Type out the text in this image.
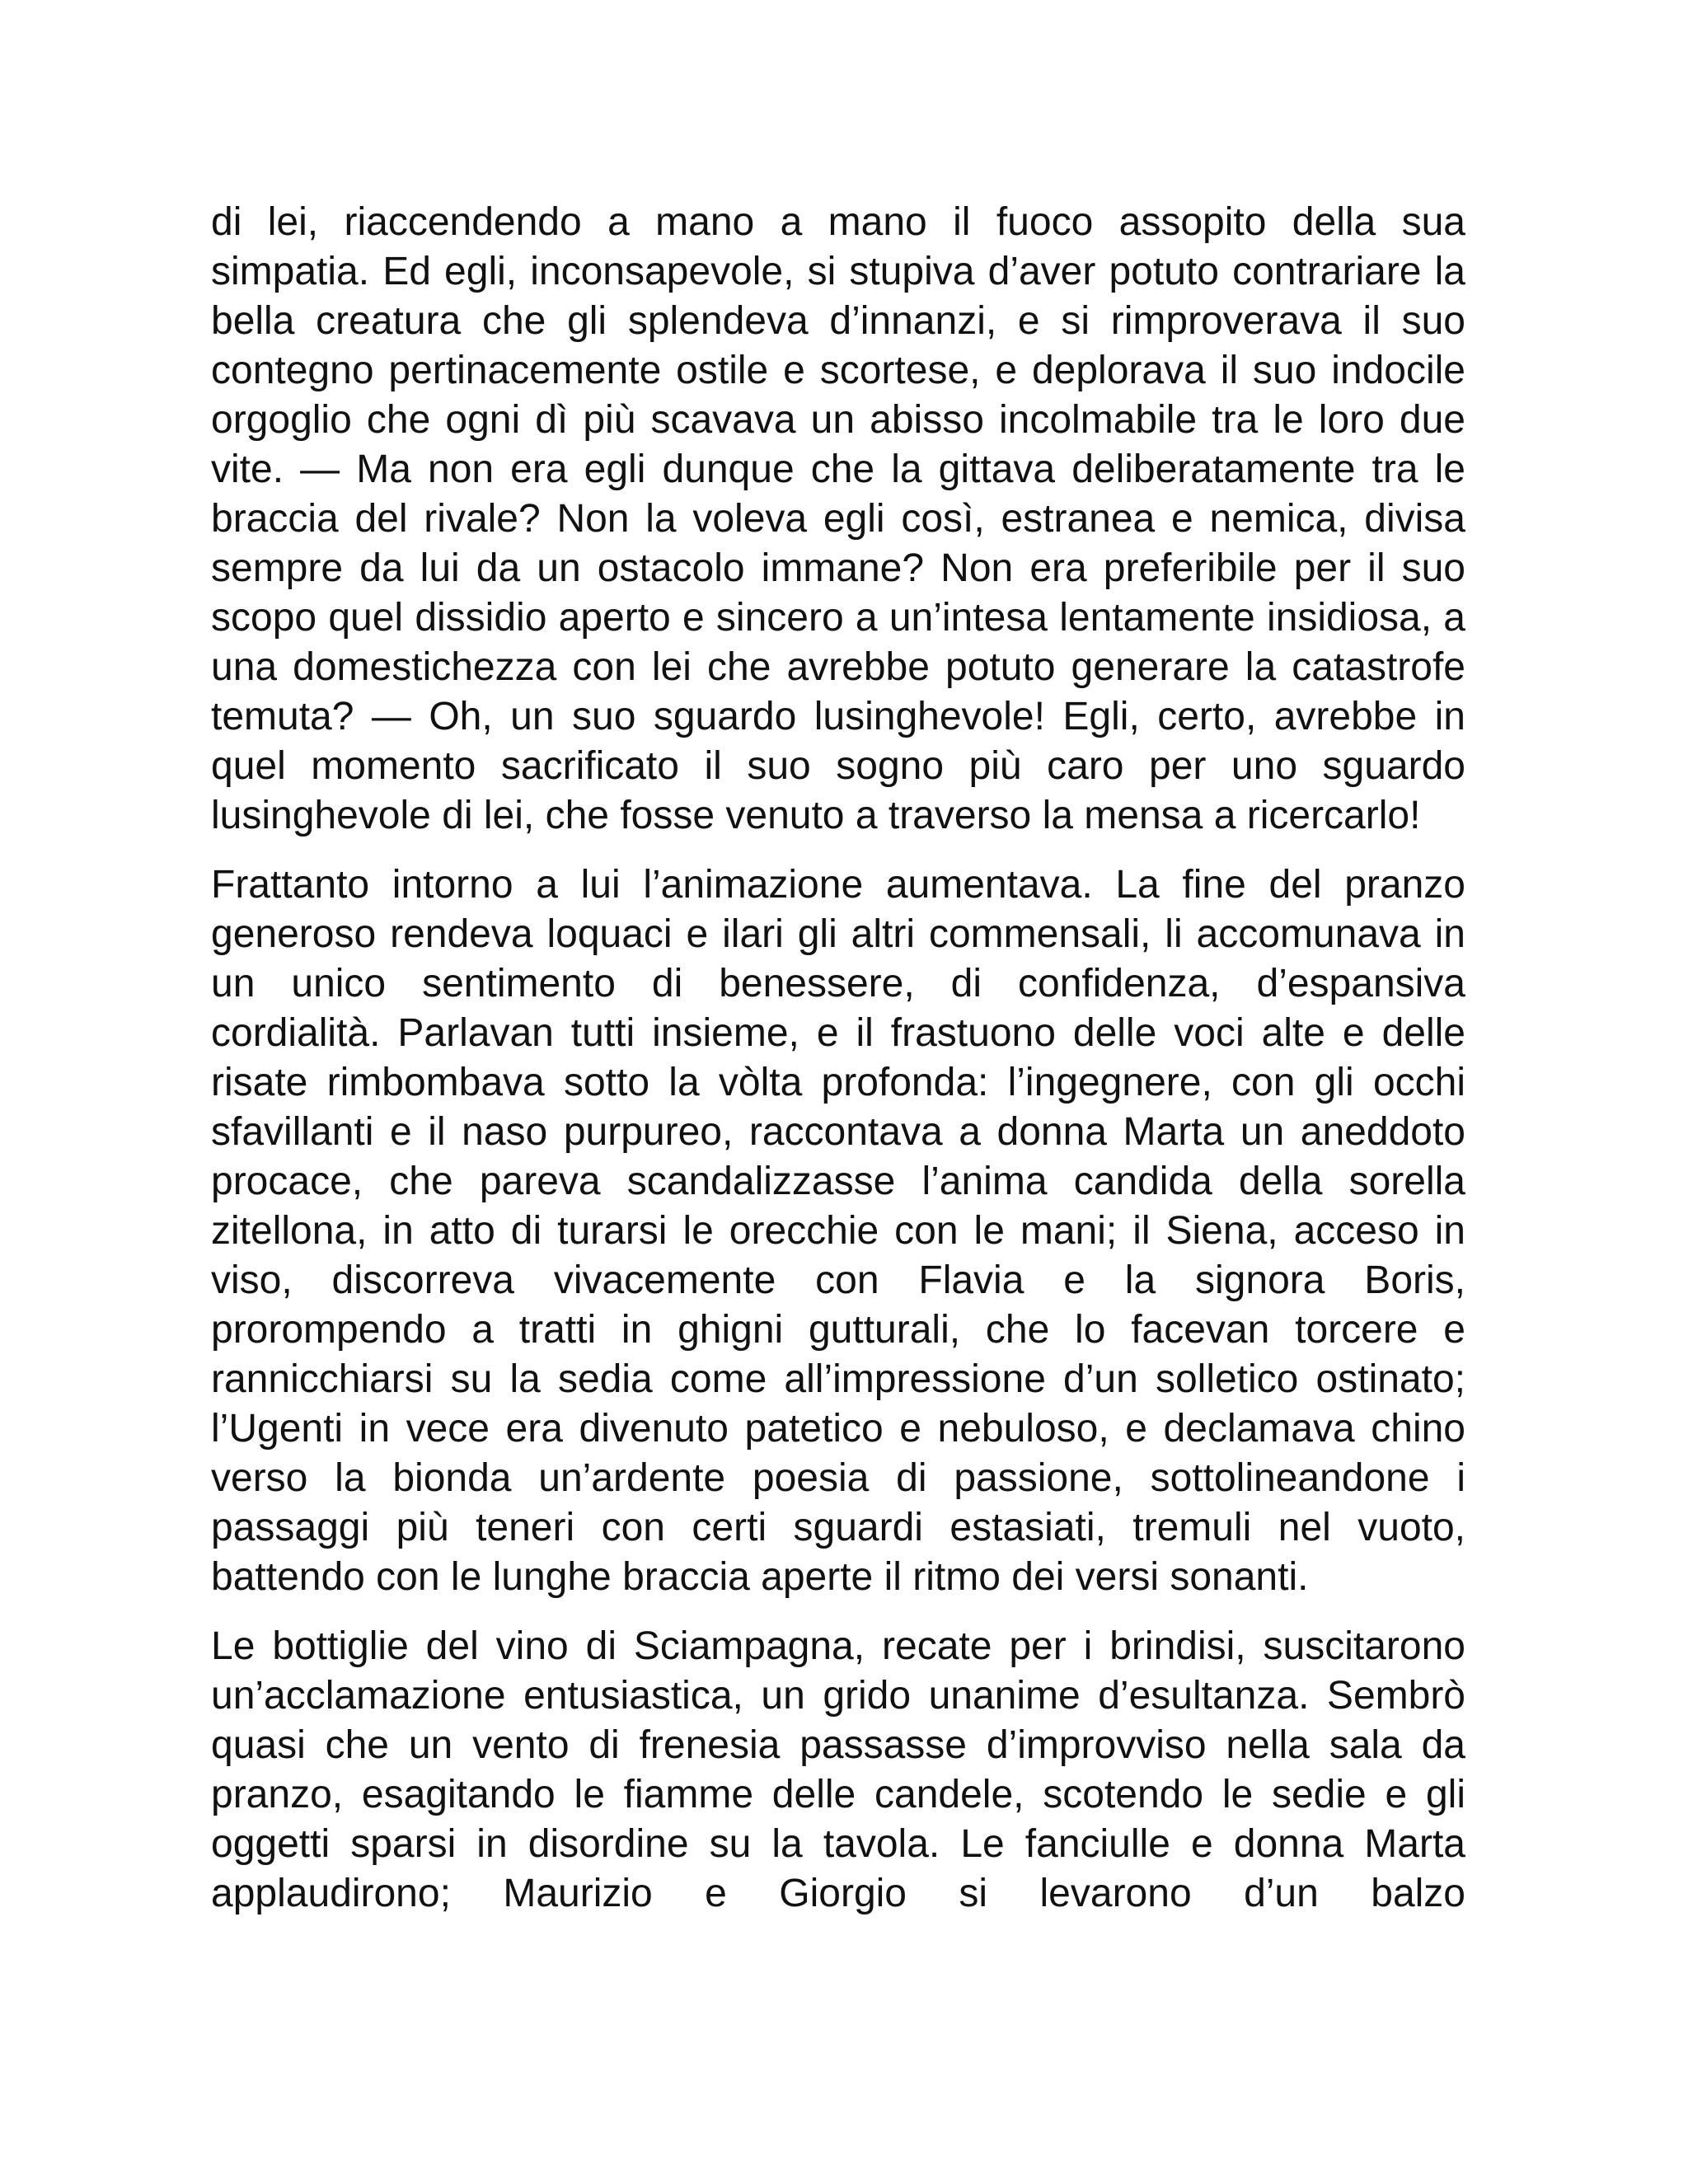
di lei, riaccendendo a mano a mano il fuoco assopito della sua simpatia. Ed egli, inconsapevole, si stupiva d’aver potuto contrariare la bella creatura che gli splendeva d’innanzi, e si rimproverava il suo contegno pertinacemente ostile e scortese, e deplorava il suo indocile orgoglio che ogni dì più scavava un abisso incolmabile tra le loro due vite. — Ma non era egli dunque che la gittava deliberatamente tra le braccia del rivale? Non la voleva egli così, estranea e nemica, divisa sempre da lui da un ostacolo immane? Non era preferibile per il suo scopo quel dissidio aperto e sincero a un’intesa lentamente insidiosa, a una domestichezza con lei che avrebbe potuto generare la catastrofe temuta? — Oh, un suo sguardo lusinghevole! Egli, certo, avrebbe in quel momento sacrificato il suo sogno più caro per uno sguardo lusinghevole di lei, che fosse venuto a traverso la mensa a ricercarlo!

Frattanto intorno a lui l’animazione aumentava. La fine del pranzo generoso rendeva loquaci e ilari gli altri commensali, li accomunava in un unico sentimento di benessere, di confidenza, d’espansiva cordialità. Parlavan tutti insieme, e il frastuono delle voci alte e delle risate rimbombava sotto la vòlta profonda: l’ingegnere, con gli occhi sfavillanti e il naso purpureo, raccontava a donna Marta un aneddoto procace, che pareva scandalizzasse l’anima candida della sorella zitellona, in atto di turarsi le orecchie con le mani; il Siena, acceso in viso, discorreva vivacemente con Flavia e la signora Boris, prorompendo a tratti in ghigni gutturali, che lo facevan torcere e rannicchiarsi su la sedia come all’impressione d’un solletico ostinato; l’Ugenti in vece era divenuto patetico e nebuloso, e declamava chino verso la bionda un’ardente poesia di passione, sottolineandone i passaggi più teneri con certi sguardi estasiati, tremuli nel vuoto, battendo con le lunghe braccia aperte il ritmo dei versi sonanti.

Le bottiglie del vino di Sciampagna, recate per i brindisi, suscitarono un’acclamazione entusiastica, un grido unanime d’esultanza. Sembrò quasi che un vento di frenesia passasse d’improvviso nella sala da pranzo, esagitando le fiamme delle candele, scotendo le sedie e gli oggetti sparsi in disordine su la tavola. Le fanciulle e donna Marta applaudirono; Maurizio e Giorgio si levarono d’un balzo
